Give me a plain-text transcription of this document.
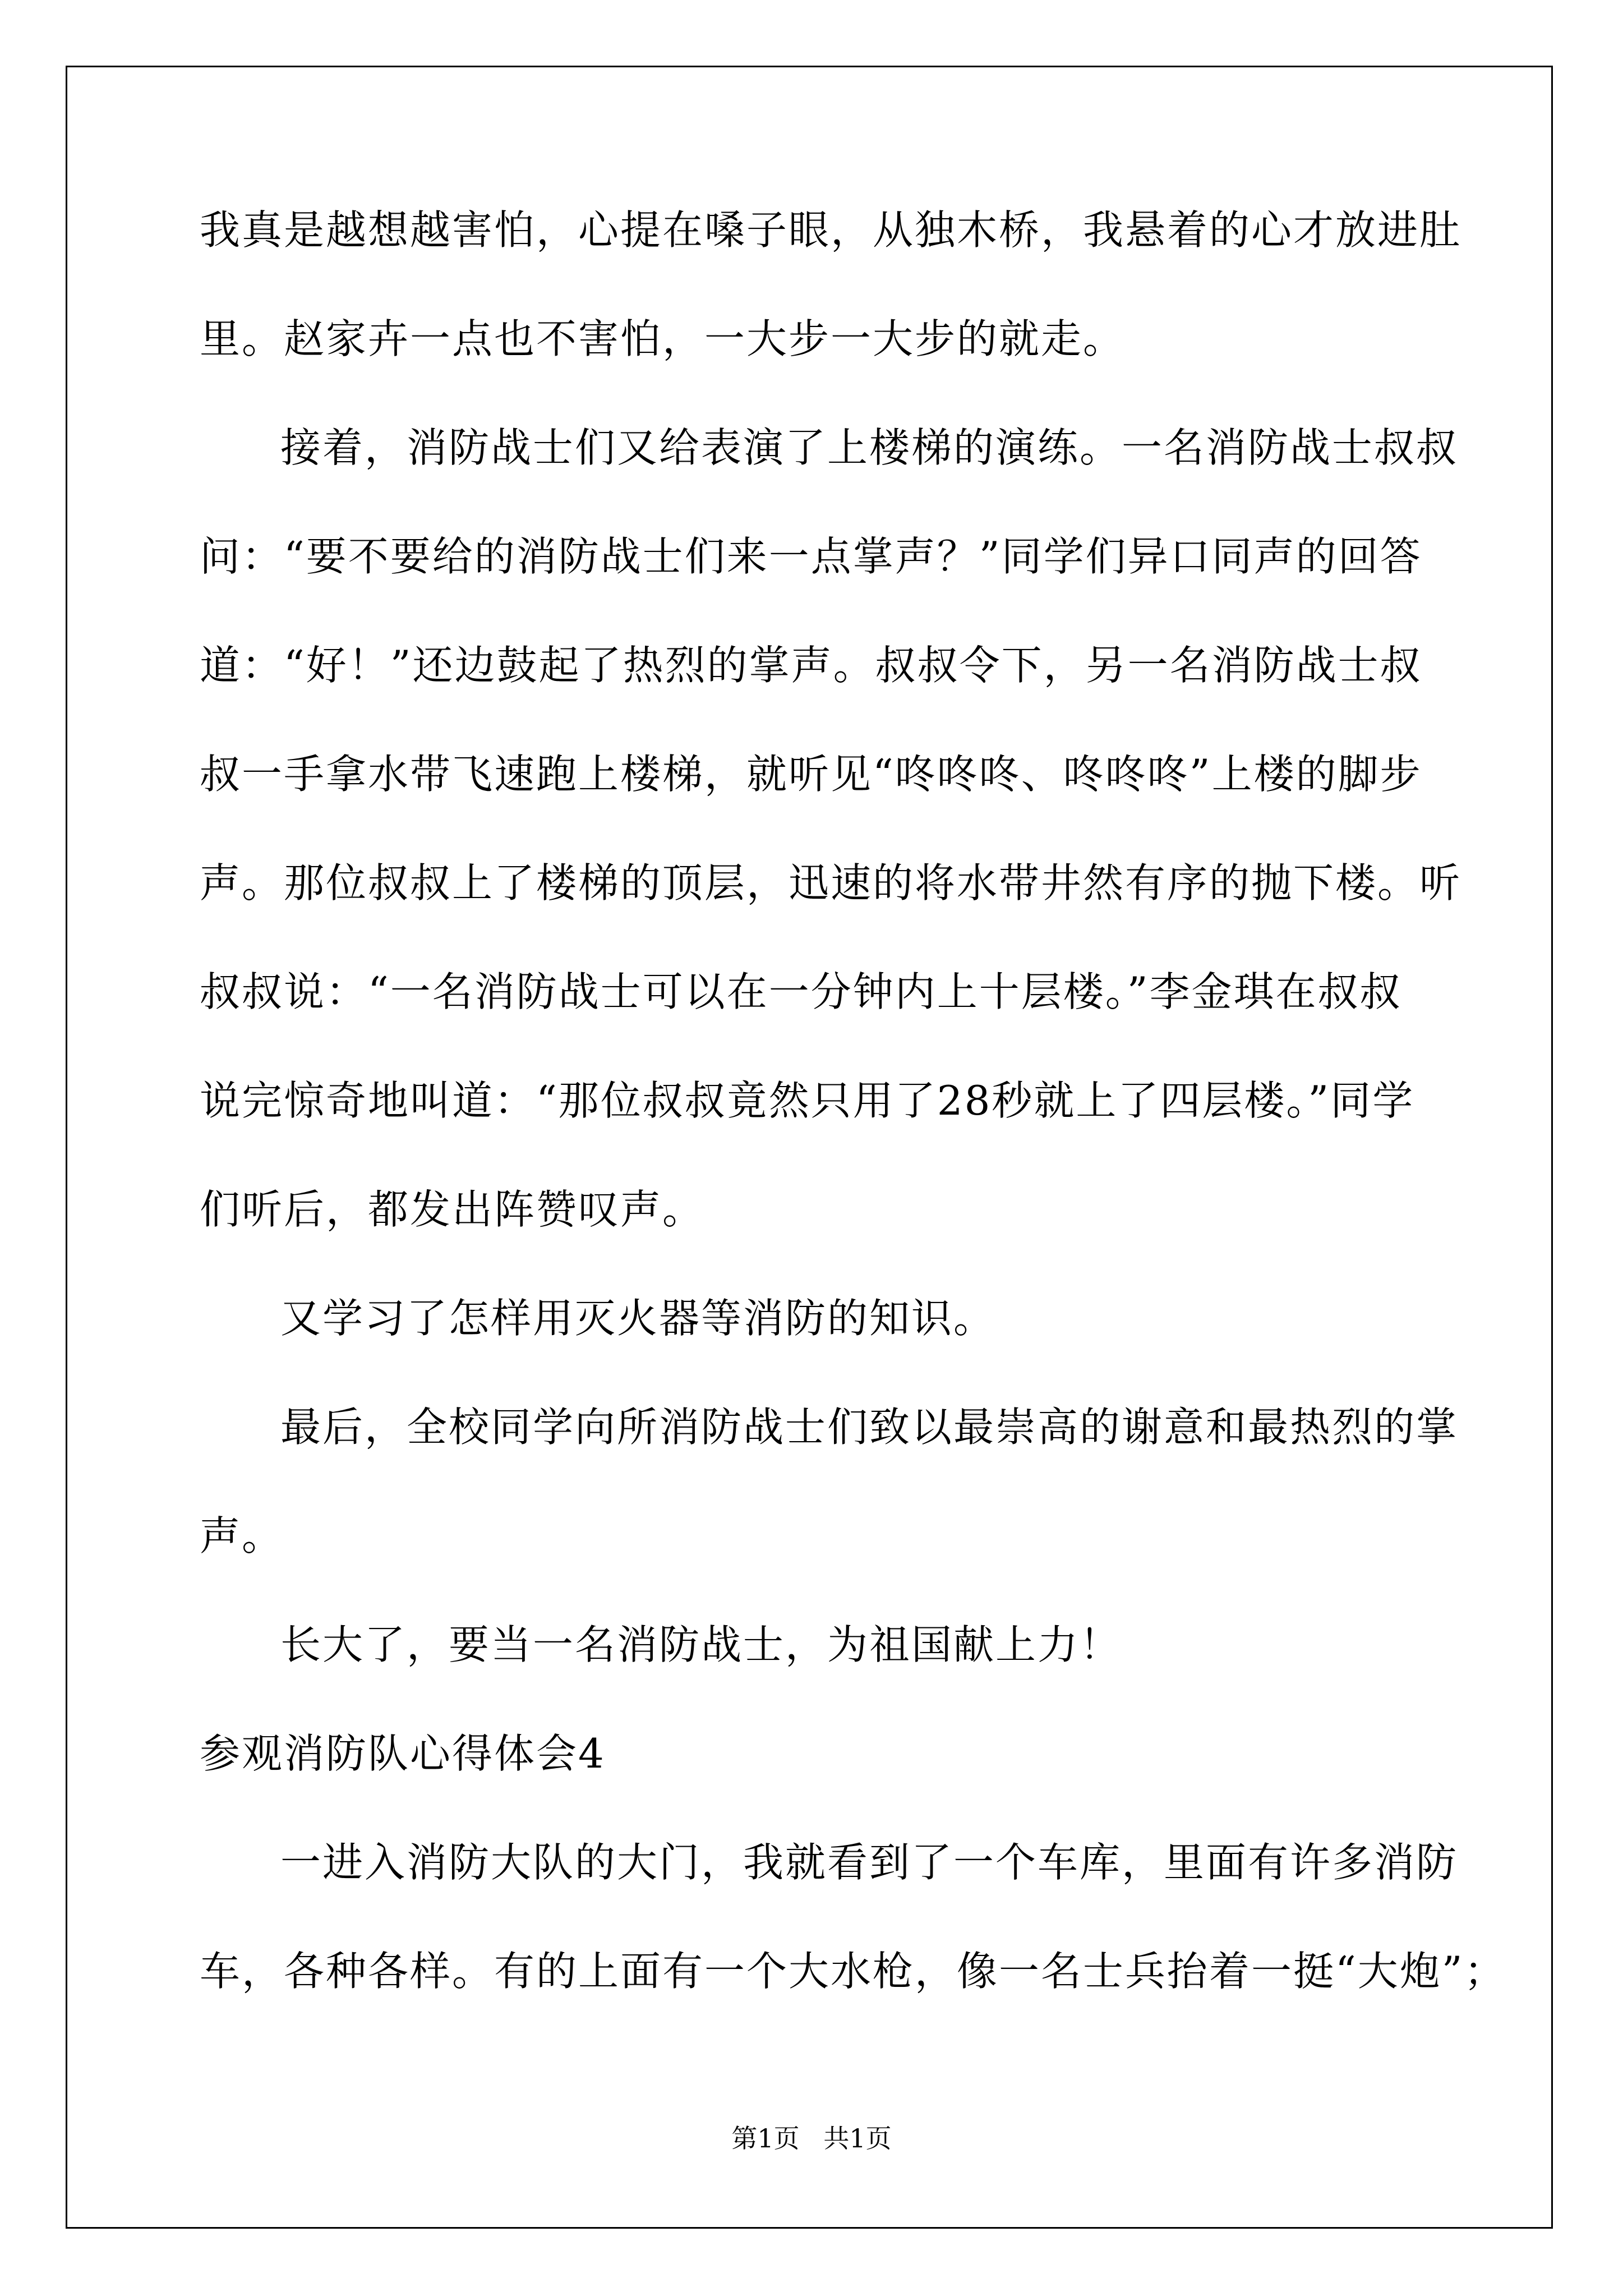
我真是越想越害怕，心提在嗓子眼，从独木桥，我悬着的心才放进肚
里。赵家卉一点也不害怕，一大步一大步的就走。
接着，消防战士们又给表演了上楼梯的演练。一名消防战士叔叔
问：“要不要给的消防战士们来一点掌声？”同学们异口同声的回答
道：“好！”还边鼓起了热烈的掌声。叔叔令下，另一名消防战士叔
叔一手拿水带飞速跑上楼梯，就听见“咚咚咚、咚咚咚”上楼的脚步
声。那位叔叔上了楼梯的顶层，迅速的将水带井然有序的抛下楼。听
叔叔说：“一名消防战士可以在一分钟内上十层楼。”李金琪在叔叔
说完惊奇地叫道：“那位叔叔竟然只用了28秒就上了四层楼。”同学
们听后，都发出阵赞叹声。
又学习了怎样用灭火器等消防的知识。
最后，全校同学向所消防战士们致以最崇高的谢意和最热烈的掌
声。
长大了，要当一名消防战士，为祖国献上力！
参观消防队心得体会4
一进入消防大队的大门，我就看到了一个车库，里面有许多消防
车，各种各样。有的上面有一个大水枪，像一名士兵抬着一挺“大炮”；
第1页 共1页
